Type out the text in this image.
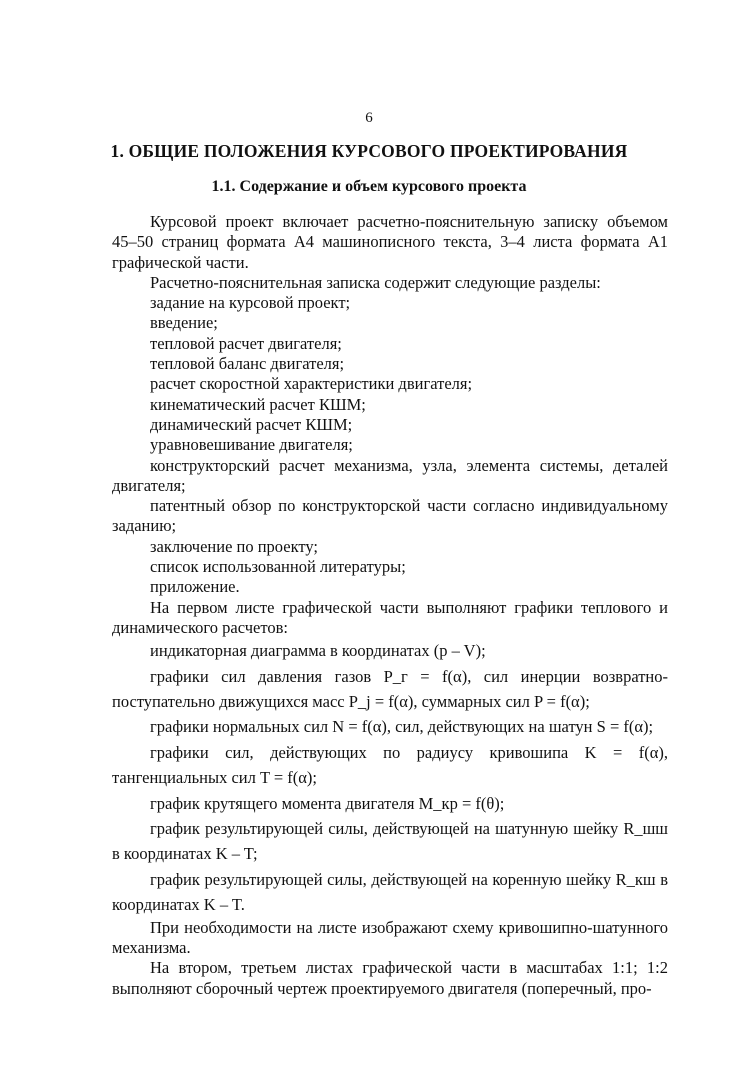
6
1. ОБЩИЕ ПОЛОЖЕНИЯ КУРСОВОГО ПРОЕКТИРОВАНИЯ
1.1. Содержание и объем курсового проекта

Курсовой проект включает расчетно-пояснительную записку объемом 45–50 страниц формата А4 машинописного текста, 3–4 листа формата А1 графической части.

Расчетно-пояснительная записка содержит следующие разделы:

задание на курсовой проект;

введение;

тепловой расчет двигателя;

тепловой баланс двигателя;

расчет скоростной характеристики двигателя;

кинематический расчет КШМ;

динамический расчет КШМ;

уравновешивание двигателя;

конструкторский расчет механизма, узла, элемента системы, деталей двигателя;

патентный обзор по конструкторской части согласно индивидуальному заданию;

заключение по проекту;

список использованной литературы;

приложение.

На первом листе графической части выполняют графики теплового и динамического расчетов:

индикаторная диаграмма в координатах (p – V);

графики сил давления газов P_г = f(α), сил инерции возвратно-поступательно движущихся масс P_j = f(α), суммарных сил P = f(α);

графики нормальных сил N = f(α), сил, действующих на шатун S = f(α);

графики сил, действующих по радиусу кривошипа K = f(α), тангенциальных сил T = f(α);

график крутящего момента двигателя M_кр = f(θ);

график результирующей силы, действующей на шатунную шейку R_шш в координатах K – T;

график результирующей силы, действующей на коренную шейку R_кш в координатах K – T.

При необходимости на листе изображают схему кривошипно-шатунного механизма.

На втором, третьем листах графической части в масштабах 1:1; 1:2 выполняют сборочный чертеж проектируемого двигателя (поперечный, про-
